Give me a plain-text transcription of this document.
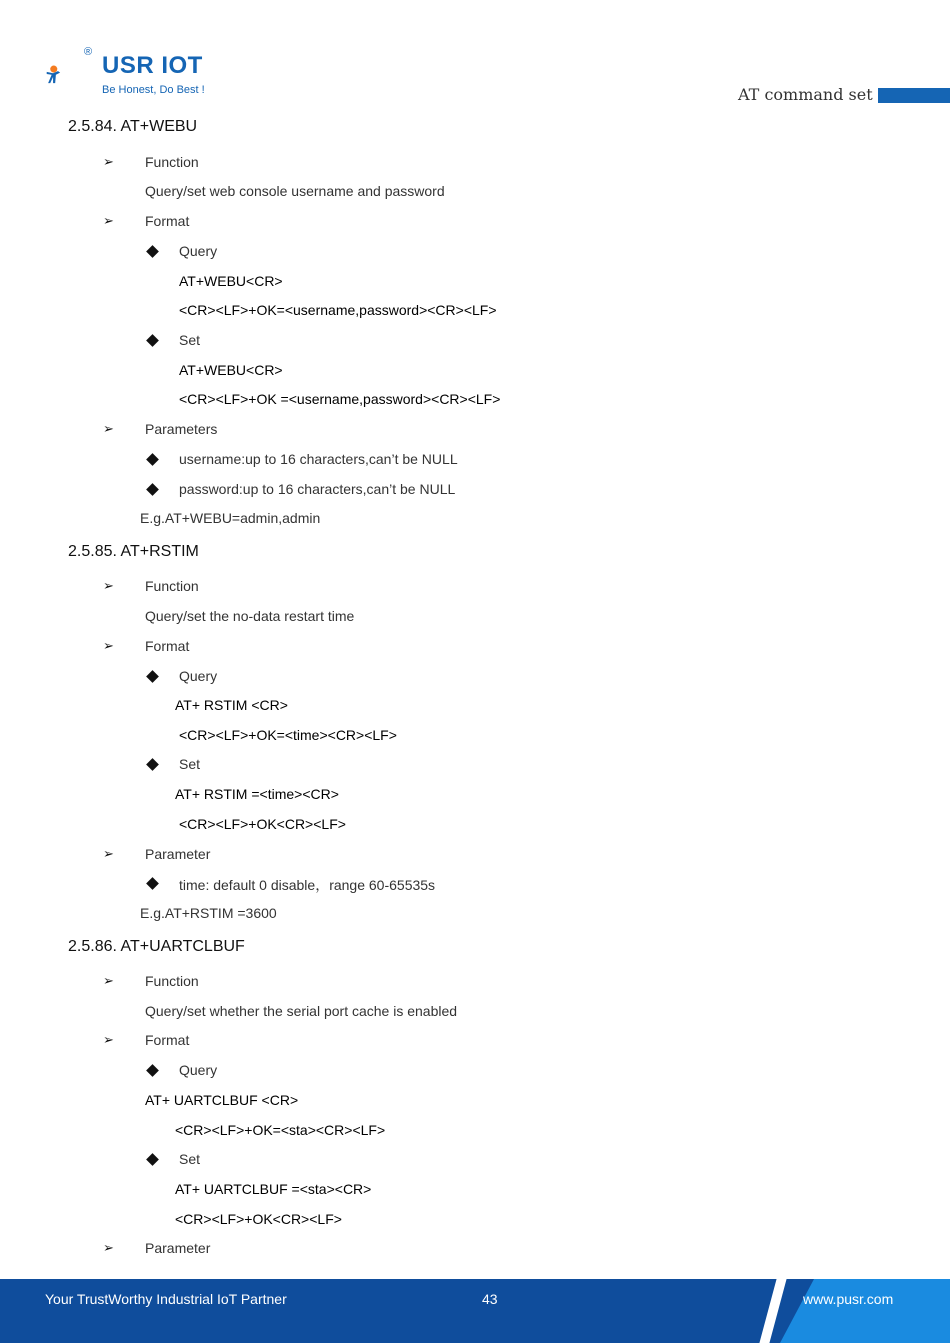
® USR IOT
Be Honest, Do Best !	AT command set
2.5.84. AT+WEBU
➢ Function
Query/set web console username and password
➢ Format
Query
AT+WEBU<CR>
<CR><LF>+OK=<username,password><CR><LF>
Set
AT+WEBU<CR>
<CR><LF>+OK =<username,password><CR><LF>
➢ Parameters
username:up to 16 characters,can’t be NULL
password:up to 16 characters,can’t be NULL
E.g.AT+WEBU=admin,admin
2.5.85. AT+RSTIM
➢ Function
Query/set the no-data restart time
➢ Format
Query
AT+ RSTIM <CR>
<CR><LF>+OK=<time><CR><LF>
Set
AT+ RSTIM =<time><CR>
<CR><LF>+OK<CR><LF>
➢ Parameter
time: default 0 disable，range 60-65535s
E.g.AT+RSTIM =3600
2.5.86. AT+UARTCLBUF
➢ Function
Query/set whether the serial port cache is enabled
➢ Format
Query
AT+ UARTCLBUF <CR>
<CR><LF>+OK=<sta><CR><LF>
Set
AT+ UARTCLBUF =<sta><CR>
<CR><LF>+OK<CR><LF>
➢ Parameter
Your TrustWorthy Industrial IoT Partner	43	www.pusr.com
